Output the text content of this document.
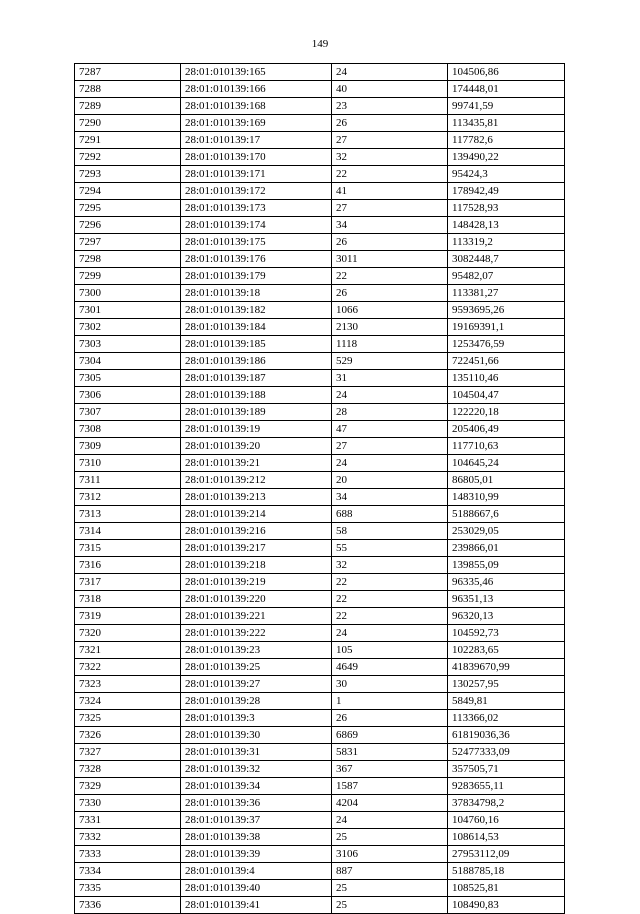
149
7287	28:01:010139:165	24	104506,86
7288	28:01:010139:166	40	174448,01
7289	28:01:010139:168	23	99741,59
7290	28:01:010139:169	26	113435,81
7291	28:01:010139:17	27	117782,6
7292	28:01:010139:170	32	139490,22
7293	28:01:010139:171	22	95424,3
7294	28:01:010139:172	41	178942,49
7295	28:01:010139:173	27	117528,93
7296	28:01:010139:174	34	148428,13
7297	28:01:010139:175	26	113319,2
7298	28:01:010139:176	3011	3082448,7
7299	28:01:010139:179	22	95482,07
7300	28:01:010139:18	26	113381,27
7301	28:01:010139:182	1066	9593695,26
7302	28:01:010139:184	2130	19169391,1
7303	28:01:010139:185	1118	1253476,59
7304	28:01:010139:186	529	722451,66
7305	28:01:010139:187	31	135110,46
7306	28:01:010139:188	24	104504,47
7307	28:01:010139:189	28	122220,18
7308	28:01:010139:19	47	205406,49
7309	28:01:010139:20	27	117710,63
7310	28:01:010139:21	24	104645,24
7311	28:01:010139:212	20	86805,01
7312	28:01:010139:213	34	148310,99
7313	28:01:010139:214	688	5188667,6
7314	28:01:010139:216	58	253029,05
7315	28:01:010139:217	55	239866,01
7316	28:01:010139:218	32	139855,09
7317	28:01:010139:219	22	96335,46
7318	28:01:010139:220	22	96351,13
7319	28:01:010139:221	22	96320,13
7320	28:01:010139:222	24	104592,73
7321	28:01:010139:23	105	102283,65
7322	28:01:010139:25	4649	41839670,99
7323	28:01:010139:27	30	130257,95
7324	28:01:010139:28	1	5849,81
7325	28:01:010139:3	26	113366,02
7326	28:01:010139:30	6869	61819036,36
7327	28:01:010139:31	5831	52477333,09
7328	28:01:010139:32	367	357505,71
7329	28:01:010139:34	1587	9283655,11
7330	28:01:010139:36	4204	37834798,2
7331	28:01:010139:37	24	104760,16
7332	28:01:010139:38	25	108614,53
7333	28:01:010139:39	3106	27953112,09
7334	28:01:010139:4	887	5188785,18
7335	28:01:010139:40	25	108525,81
7336	28:01:010139:41	25	108490,83
